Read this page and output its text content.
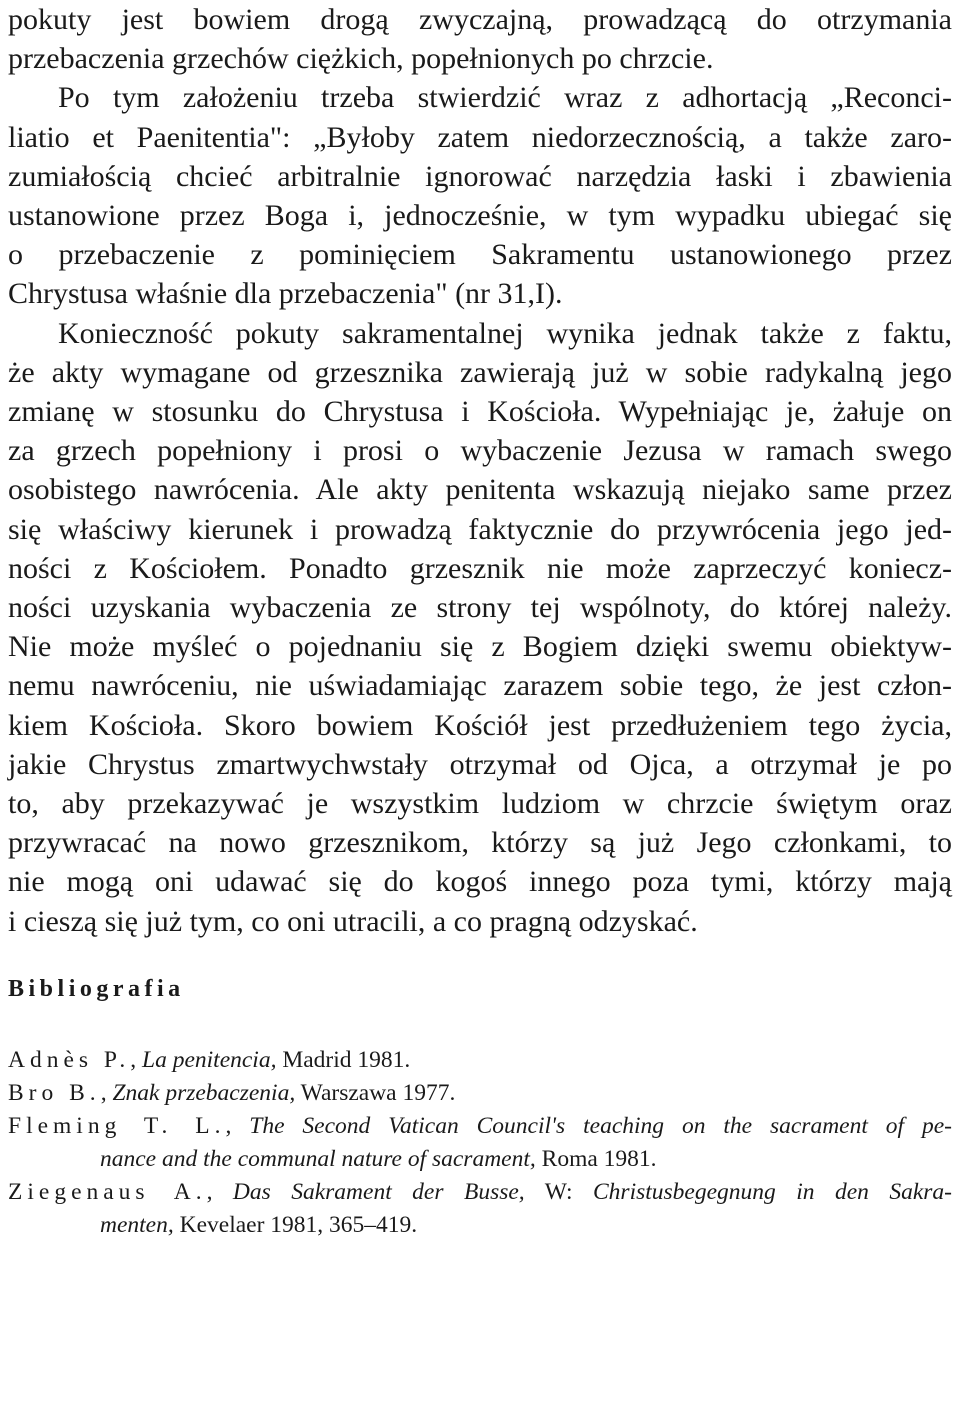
pokuty jest bowiem drogą zwyczajną, prowadzącą do otrzymania
przebaczenia grzechów ciężkich, popełnionych po chrzcie.
Po tym założeniu trzeba stwierdzić wraz z adhortacją „Reconci-
liatio et Paenitentia": „Byłoby zatem niedorzecznością, a także zaro-
zumiałością chcieć arbitralnie ignorować narzędzia łaski i zbawienia
ustanowione przez Boga i, jednocześnie, w tym wypadku ubiegać się
o przebaczenie z pominięciem Sakramentu ustanowionego przez
Chrystusa właśnie dla przebaczenia" (nr 31,I).
Konieczność pokuty sakramentalnej wynika jednak także z faktu,
że akty wymagane od grzesznika zawierają już w sobie radykalną jego
zmianę w stosunku do Chrystusa i Kościoła. Wypełniając je, żałuje on
za grzech popełniony i prosi o wybaczenie Jezusa w ramach swego
osobistego nawrócenia. Ale akty penitenta wskazują niejako same przez
się właściwy kierunek i prowadzą faktycznie do przywrócenia jego jed-
ności z Kościołem. Ponadto grzesznik nie może zaprzeczyć koniecz-
ności uzyskania wybaczenia ze strony tej wspólnoty, do której należy.
Nie może myśleć o pojednaniu się z Bogiem dzięki swemu obiektyw-
nemu nawróceniu, nie uświadamiając zarazem sobie tego, że jest człon-
kiem Kościoła. Skoro bowiem Kościół jest przedłużeniem tego życia,
jakie Chrystus zmartwychwstały otrzymał od Ojca, a otrzymał je po
to, aby przekazywać je wszystkim ludziom w chrzcie świętym oraz
przywracać na nowo grzesznikom, którzy są już Jego członkami, to
nie mogą oni udawać się do kogoś innego poza tymi, którzy mają
i cieszą się już tym, co oni utracili, a co pragną odzyskać.
Bibliografia

Adnès P., La penitencia, Madrid 1981.

Bro B., Znak przebaczenia, Warszawa 1977.

Fleming T. L., The Second Vatican Council's teaching on the sacrament of pe-
nance and the communal nature of sacrament, Roma 1981.

Ziegenaus A., Das Sakrament der Busse, W: Christusbegegnung in den Sakra-
menten, Kevelaer 1981, 365–419.
